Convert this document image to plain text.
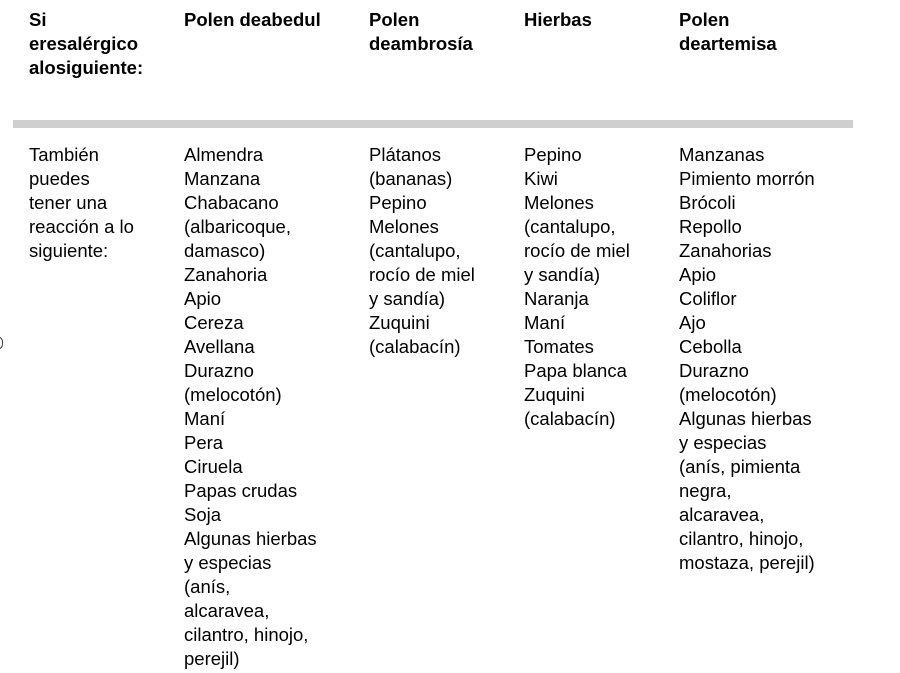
Si eresalérgico alosiguiente:
Polen deabedul	Polen deambrosía
Hierbas	Polen deartemisa
También
puedes
tener una
reacción a lo
siguiente:
Almendra
Manzana
Chabacano
(albaricoque,
damasco)
Zanahoria
Apio
Cereza
Avellana
Durazno
(melocotón)
Maní
Pera
Ciruela
Papas crudas
Soja
Algunas hierbas
y especias
(anís,
alcaravea,
cilantro, hinojo,
perejil)
Plátanos
(bananas)
Pepino
Melones
(cantalupo,
rocío de miel
y sandía)
Zuquini
(calabacín)
Pepino
Kiwi
Melones
(cantalupo,
rocío de miel
y sandía)
Naranja
Maní
Tomates
Papa blanca
Zuquini
(calabacín)
Manzanas
Pimiento morrón
Brócoli
Repollo
Zanahorias
Apio
Coliflor
Ajo
Cebolla
Durazno
(melocotón)
Algunas hierbas
y especias
(anís, pimienta
negra,
alcaravea,
cilantro, hinojo,
mostaza, perejil)
